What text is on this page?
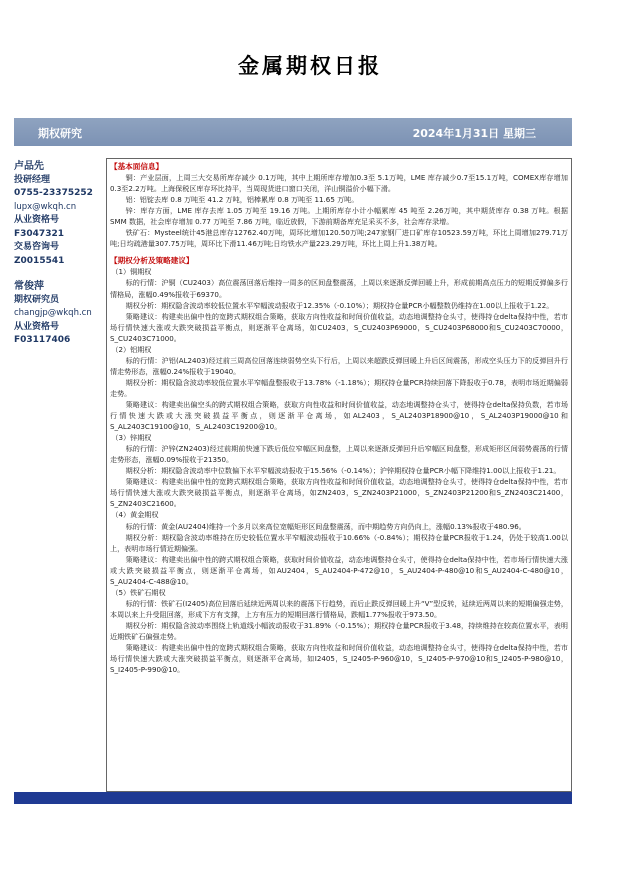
金属期权日报
期权研究	2024年1月31日 星期三
卢品先
投研经理
0755-23375252
lupx@wkqh.cn
从业资格号
F3047321
交易咨询号
Z0015541
常俊萍
期权研究员
changjp@wkqh.cn
从业资格号
F03117406

【基本面信息】

铜：产业层面，上周三大交易所库存减少 0.1万吨，其中上期所库存增加0.3至 5.1万吨，LME 库存减少0.7至15.1万吨，COMEX库存增加0.3至2.2万吨。上海保税区库存环比持平，当周现货进口窗口关闭，洋山铜溢价小幅下滑。

铝：铝锭去库 0.8 万吨至 41.2 万吨，铝棒累库 0.8 万吨至 11.65 万吨。

锌：库存方面，LME 库存去库 1.05 万吨至 19.16 万吨。上期所库存小计小幅累库 45 吨至 2.26万吨，其中期货库存 0.38 万吨。根据 SMM 数据，社会库存增加 0.77 万吨至 7.86 万吨，临近放假，下游前期备库充足采买不多，社会库存录增。

铁矿石：Mysteel统计45港总库存12762.40万吨，周环比增加120.50万吨;247家钢厂进口矿库存10523.59万吨，环比上周增加279.71万吨;日均疏港量307.75万吨，周环比下滑11.46万吨;日均铁水产量223.29万吨，环比上周上升1.38万吨。

【期权分析及策略建议】

（1）铜期权

标的行情：沪铜（CU2403）高位震荡回落后维持一周多的区间盘整震荡，上周以来逐渐反弹回暖上升，形成前期高点压力的短期反弹偏多行情格局，涨幅0.49%报收于69370。

期权分析：期权隐含波动率较低位置水平窄幅波动报收于12.35%（-0.10%）；期权持仓量PCR小幅整数仍维持在1.00以上报收于1.22。

策略建议：构建卖出偏中性的宽跨式期权组合策略，获取方向性收益和时间价值收益，动态地调整持仓头寸，使得持仓delta保持中性，若市场行情快速大涨或大跌突破损益平衡点，则逐渐平仓离场，如CU2403，S_CU2403P69000，S_CU2403P68000和S_CU2403C70000，S_CU2403C71000。

（2）铝期权

标的行情：沪铝(AL2403)经过前三周高位回落连续弱势空头下行后，上周以来超跌反弹回暖上升后区间震荡，形成空头压力下的反弹回升行情走势形态，涨幅0.24%报收于19040。

期权分析：期权隐含波动率较低位置水平窄幅盘整报收于13.78%（-1.18%）；期权持仓量PCR持续回落下降报收于0.78，表明市场近期偏弱走势。

策略建议：构建卖出偏空头的跨式期权组合策略，获取方向性收益和时间价值收益，动态地调整持仓头寸，使得持仓delta保持负数，若市场行情快速大跌或大涨突破损益平衡点，则逐渐平仓离场，如AL2403，S_AL2403P18900@10，S_AL2403P19000@10和S_AL2403C19100@10，S_AL2403C19200@10。

（3）锌期权

标的行情：沪锌(ZN2403)经过前期前快速下跌后低位窄幅区间盘整，上周以来逐渐反弹回升后窄幅区间盘整，形成矩形区间弱势震荡的行情走势形态，涨幅0.09%报收于21350。

期权分析：期权隐含波动率中位数偏下水平窄幅波动报收于15.56%（-0.14%）；沪锌期权持仓量PCR小幅下降维持1.00以上报收于1.21。

策略建议：构建卖出偏中性的宽跨式期权组合策略，获取方向性收益和时间价值收益，动态地调整持仓头寸，使得持仓delta保持中性，若市场行情快速大涨或大跌突破损益平衡点，则逐渐平仓离场，如ZN2403，S_ZN2403P21000，S_ZN2403P21200和S_ZN2403C21400，S_ZN2403C21600。

（4）黄金期权

标的行情：黄金(AU2404)维持一个多月以来高位宽幅矩形区间盘整震荡，而中期趋势方向仍向上，涨幅0.13%报收于480.96。

期权分析：期权隐含波动率维持在历史较低位置水平窄幅波动报收于10.66%（-0.84%）；期权持仓量PCR报收于1.24，仍处于较高1.00以上，表明市场行情近期偏强。

策略建议：构建卖出偏中性的跨式期权组合策略，获取时间价值收益，动态地调整持仓头寸，使得持仓delta保持中性，若市场行情快速大涨或大跌突破损益平衡点，则逐渐平仓离场，如AU2404，S_AU2404-P-472@10，S_AU2404-P-480@10和S_AU2404-C-480@10，S_AU2404-C-488@10。

（5）铁矿石期权

标的行情：铁矿石(I2405)高位回落后延续近两周以来的震荡下行趋势，而后止跌反弹回暖上升“V”型反转，延续近两周以来的短期偏强走势，本周以来上升受阻回落，形成下方有支撑，上方有压力的短期回落行情格局，跌幅1.77%报收于973.50。

期权分析：期权隐含波动率围绕上轨道线小幅波动报收于31.89%（-0.15%）；期权持仓量PCR报收于3.48，持续维持在较高位置水平，表明近期铁矿石偏强走势。

策略建议：构建卖出偏中性的宽跨式期权组合策略，获取方向性收益和时间价值收益，动态地调整持仓头寸，使得持仓delta保持中性，若市场行情快速大跌或大涨突破损益平衡点，则逐渐平仓离场，如I2405，S_I2405-P-960@10，S_I2405-P-970@10和S_I2405-P-980@10，S_I2405-P-990@10。
